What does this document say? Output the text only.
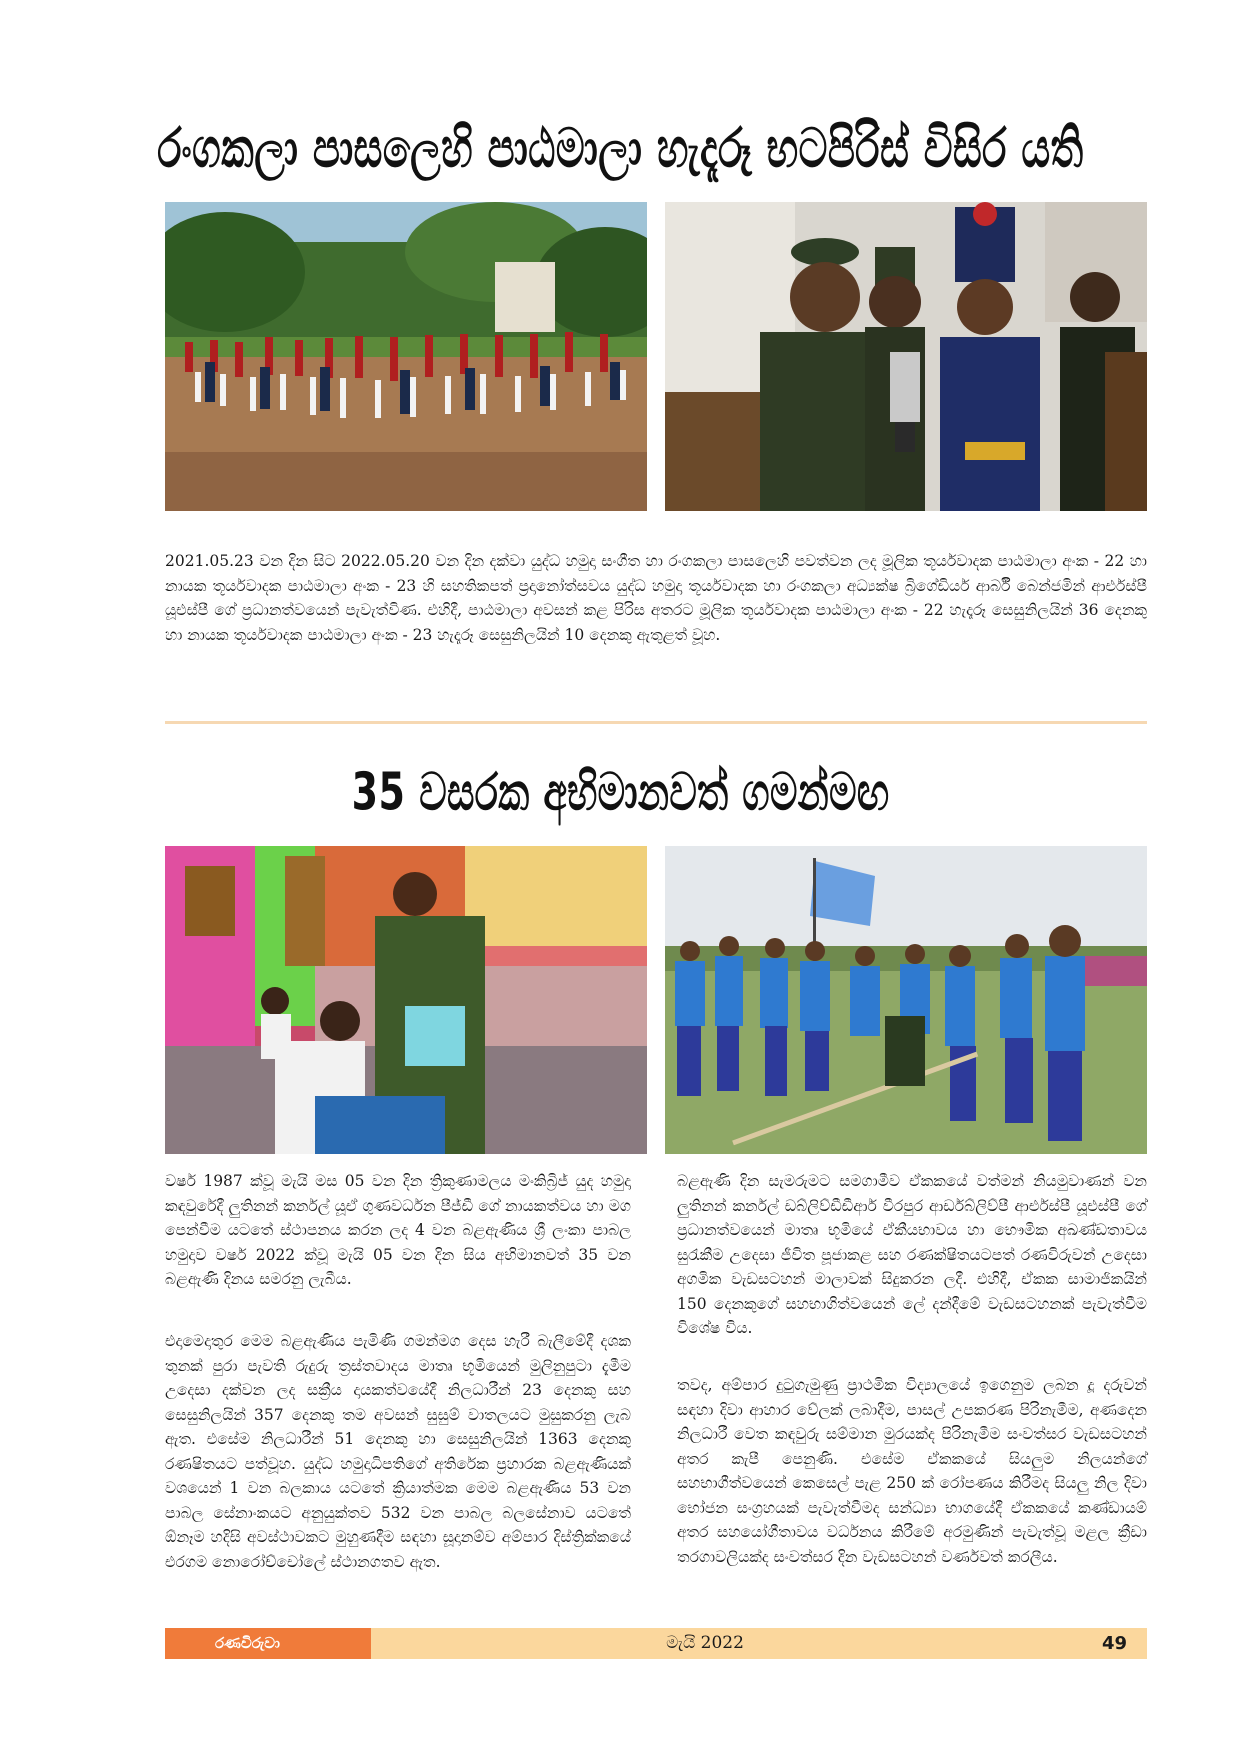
රංගකලා පාසලෙහි පාඨමාලා හැදෑරූ භටපිරිස් විසිර යති

2021.05.23 වන දින සිට 2022.05.20 වන දින දක්වා යුද්ධ හමුදා සංගීත හා රංගකලා පාසලෙහි පවත්වන ලද මූලික තූර්යවාදක පාඨමාලා අංක - 22 හා නායක තූර්යවාදක පාඨමාලා අංක - 23 හි සහතිකපත් ප්‍රදානෝත්සවය යුද්ධ හමුදා තූර්යවාදක හා රංගකලා අධ්‍යක්ෂ බ්‍රිගේඩියර් ආර්බී බෙන්ජමින් ආර්එස්පී යූඑස්පී ගේ ප්‍රධානත්වයෙන් පැවැත්විණ. එහිදී, පාඨමාලා අවසන් කළ පිරිස අතරට මූලික තූර්යවාදක පාඨමාලා අංක - 22 හැදෑරූ සෙසුනිලයින් 36 දෙනකු හා නායක තූර්යවාදක පාඨමාලා අංක - 23 හැදෑරූ සෙසුනිලයින් 10 දෙනකු ඇතුළත් වූහ.

35 වසරක අභිමානවත් ගමන්මඟ

වර්ෂ 1987 ක්වූ මැයි මස 05 වන දින ත්‍රිකුණාමලය මංකිබ්‍රිජ් යුද හමුදා කඳවුරේදී ලුතිනන් කර්නල් යූඒ ගුණවර්ධන පීජ්ඩී ගේ නායකත්වය හා මග පෙන්වීම යටතේ ස්ථාපනය කරන ලද 4 වන බළඇණිය ශ්‍රී ලංකා පාබල හමුදාව වර්ෂ 2022 ක්වූ මැයි 05 වන දින සිය අභිමානවත් 35 වන බළඇණි දිනය සමරනු ලැබීය.

එදාමෙදාතුර මෙම බළඇණිය පැමිණි ගමන්මග දෙස හැරී බැලීමේදී දශක තුනක් පුරා පැවති රුදුරු ත්‍රස්තවාදය මාතෘ භූමියෙන් මුලිනුපුටා දැමීම උදෙසා දක්වන ලද සක්‍රීය දායකත්වයේදී නිලධාරීන් 23 දෙනකු සහ සෙසුනිලයින් 357 දෙනකු තම අවසන් සුසුම් වාතලයට මුසුකරනු ලැබ ඇත. එසේම නිලධාරීන් 51 දෙනකු හා සෙසුනිලයින් 1363 දෙනකු රණෂිතයට පත්වූහ. යුද්ධ හමුදාධිපතිගේ අතිරේක ප්‍රහාරක බළඇණියක් වශයෙන් 1 වන බලකාය යටතේ ක්‍රියාත්මක මෙම බළඇණිය 53 වන පාබල සේනාංකයට අනුයුක්තව 532 වන පාබල බලසේනාව යටතේ ඕනෑම හදිසි අවස්ථාවකට මුහුණදීම සඳහා සූදානම්ව අම්පාර දිස්ත්‍රික්කයේ එරගම නොරෝච්චෝලේ ස්ථානගතව ඇත.

බළඇණි දින සැමරුමට සමගාමීව ඒකකයේ වත්මන් නියමුවාණන් වන ලුතිනන් කර්නල් ඩබ්ලිව්ඩීඩීආර් වීරපුර ආර්ඩබ්ලිව්පී ආර්එස්පී යූඑස්පී ගේ ප්‍රධානත්වයෙන් මාතෘ භූමියේ ඒකීයභාවය හා භෞමික අඛණ්ඩතාවය සුරැකීම උදෙසා ජීවිත පූජාකළ සහ රණක්ෂිතයටපත් රණවිරුවන් උදෙසා අගමික වැඩසටහන් මාලාවක් සිදුකරන ලදී. එහිදී, ඒකක සාමාජිකයින් 150 දෙනකුගේ සහභාගිත්වයෙන් ලේ දන්දීමේ වැඩසටහනක් පැවැත්වීම විශේෂ විය.

තවද, අම්පාර දුටුගැමුණු ප්‍රාථමික විද්‍යාලයේ ඉගෙනුම ලබන දූ දරුවන් සඳහා දිවා ආහාර වේලක් ලබාදීම, පාසල් උපකරණ පිරිනැමීම, අණදෙන නිලධාරී වෙත කඳවුරු සම්මාන මුරයක්ද පිරිනැමීම සංවත්සර වැඩසටහන් අතර කැපී පෙනුණි. එසේම ඒකකයේ සියලුම නිලයන්ගේ සහභාගීත්වයෙන් කෙසෙල් පැළ 250 ක් රෝපණය කිරීමද සියලු නිල දිවා භෝජන සංග්‍රහයක් පැවැත්වීමද සන්ධ්‍යා භාගයේදී ඒකකයේ කණ්ඩායම් අතර සහයෝගීතාවය වර්ධනය කිරීමේ අරමුණින් පැවැත්වූ මළල ක්‍රීඩා තරගාවලියක්ද සංවත්සර දින වැඩසටහන් වර්ණවත් කරලීය.

රණවිරුවා	මැයි 2022	49
